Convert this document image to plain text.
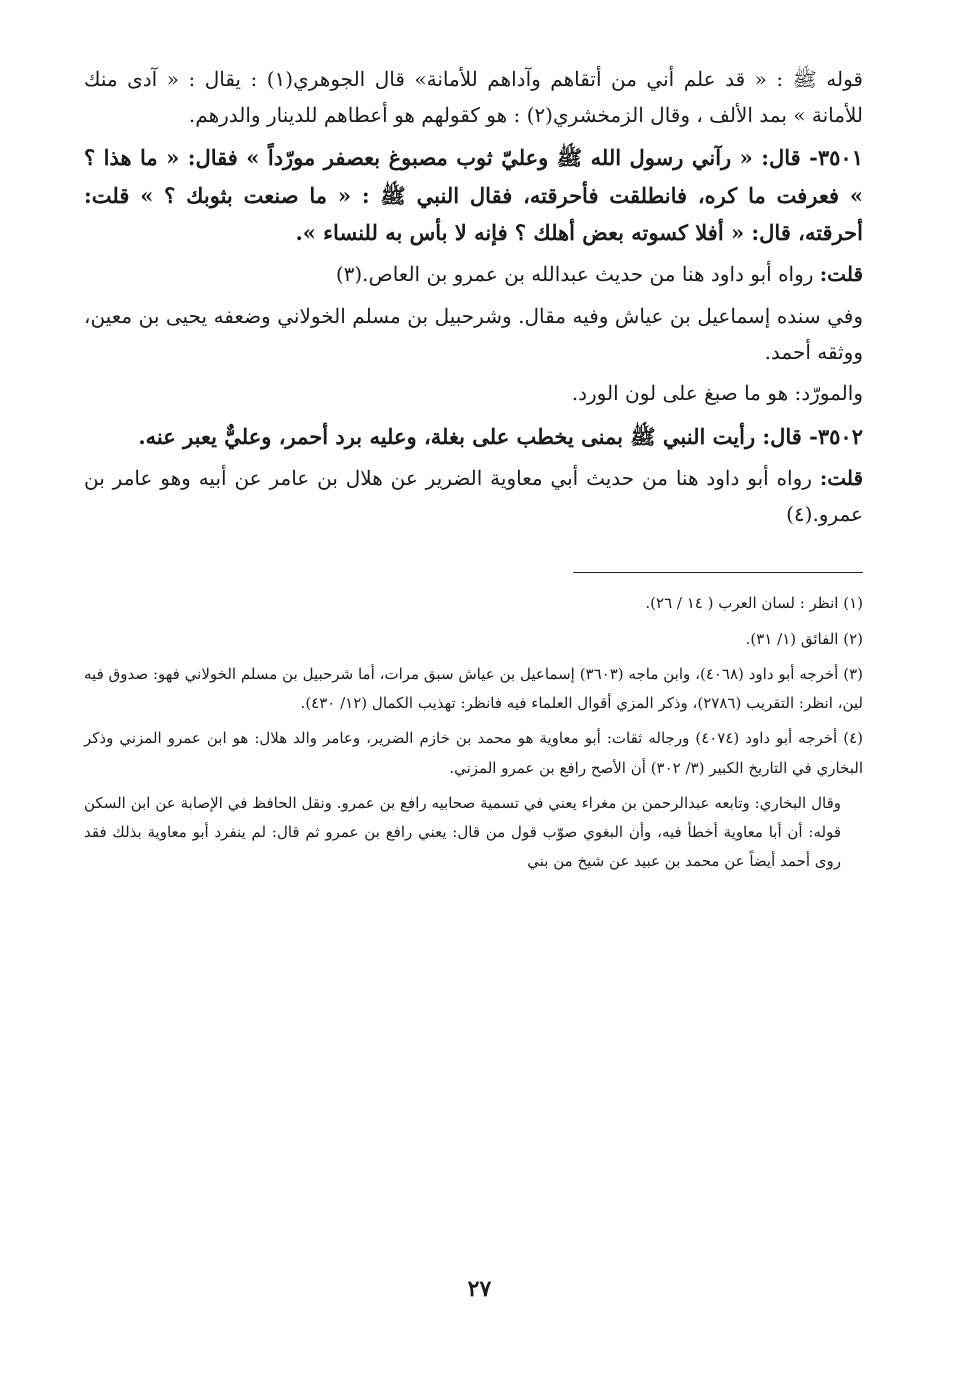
قوله ﷺ : « قد علم أني من أتقاهم وآداهم للأمانة» قال الجوهري(١) : يقال : « آدى منك للأمانة » بمد الألف ، وقال الزمخشري(٢) : هو كقولهم هو أعطاهم للدينار والدرهم.

٣٥٠١- قال: « رآني رسول الله ﷺ وعليّ ثوب مصبوغ بعصفر مورّداً » فقال: « ما هذا ؟ » فعرفت ما كره، فانطلقت فأحرقته، فقال النبي ﷺ : « ما صنعت بثوبك ؟ » قلت: أحرقته، قال: « أفلا كسوته بعض أهلك ؟ فإنه لا بأس به للنساء ».

قلت: رواه أبو داود هنا من حديث عبدالله بن عمرو بن العاص.(٣)

وفي سنده إسماعيل بن عياش وفيه مقال. وشرحبيل بن مسلم الخولاني وضعفه يحيى بن معين، ووثقه أحمد.

والمورّد: هو ما صبغ على لون الورد.

٣٥٠٢- قال: رأيت النبي ﷺ بمنى يخطب على بغلة، وعليه برد أحمر، وعليٌّ يعبر عنه.

قلت: رواه أبو داود هنا من حديث أبي معاوية الضرير عن هلال بن عامر عن أبيه وهو عامر بن عمرو.(٤)

(١) انظر : لسان العرب ( ١٤ / ٢٦).

(٢) الفائق (١/ ٣١).

(٣) أخرجه أبو داود (٤٠٦٨)، وابن ماجه (٣٦٠٣) إسماعيل بن عياش سبق مرات، أما شرحبيل بن مسلم الخولاني فهو: صدوق فيه لين، انظر: التقريب (٢٧٨٦)، وذكر المزي أقوال العلماء فيه فانظر: تهذيب الكمال (١٢/ ٤٣٠).

(٤) أخرجه أبو داود (٤٠٧٤) ورجاله ثقات: أبو معاوية هو محمد بن خازم الضرير، وعامر والد هلال: هو ابن عمرو المزني وذكر البخاري في التاريخ الكبير (٣/ ٣٠٢) أن الأصح رافع بن عمرو المزني.

وقال البخاري: وتابعه عبدالرحمن بن مغراء يعني في تسمية صحابيه رافع بن عمرو. ونقل الحافظ في الإصابة عن ابن السكن قوله: أن أبا معاوية أخطأ فيه، وأن البغوي صوّب قول من قال: يعني رافع بن عمرو ثم قال: لم ينفرد أبو معاوية بذلك فقد روى أحمد أيضاً عن محمد بن عبيد عن شيخ من بني

٢٧
